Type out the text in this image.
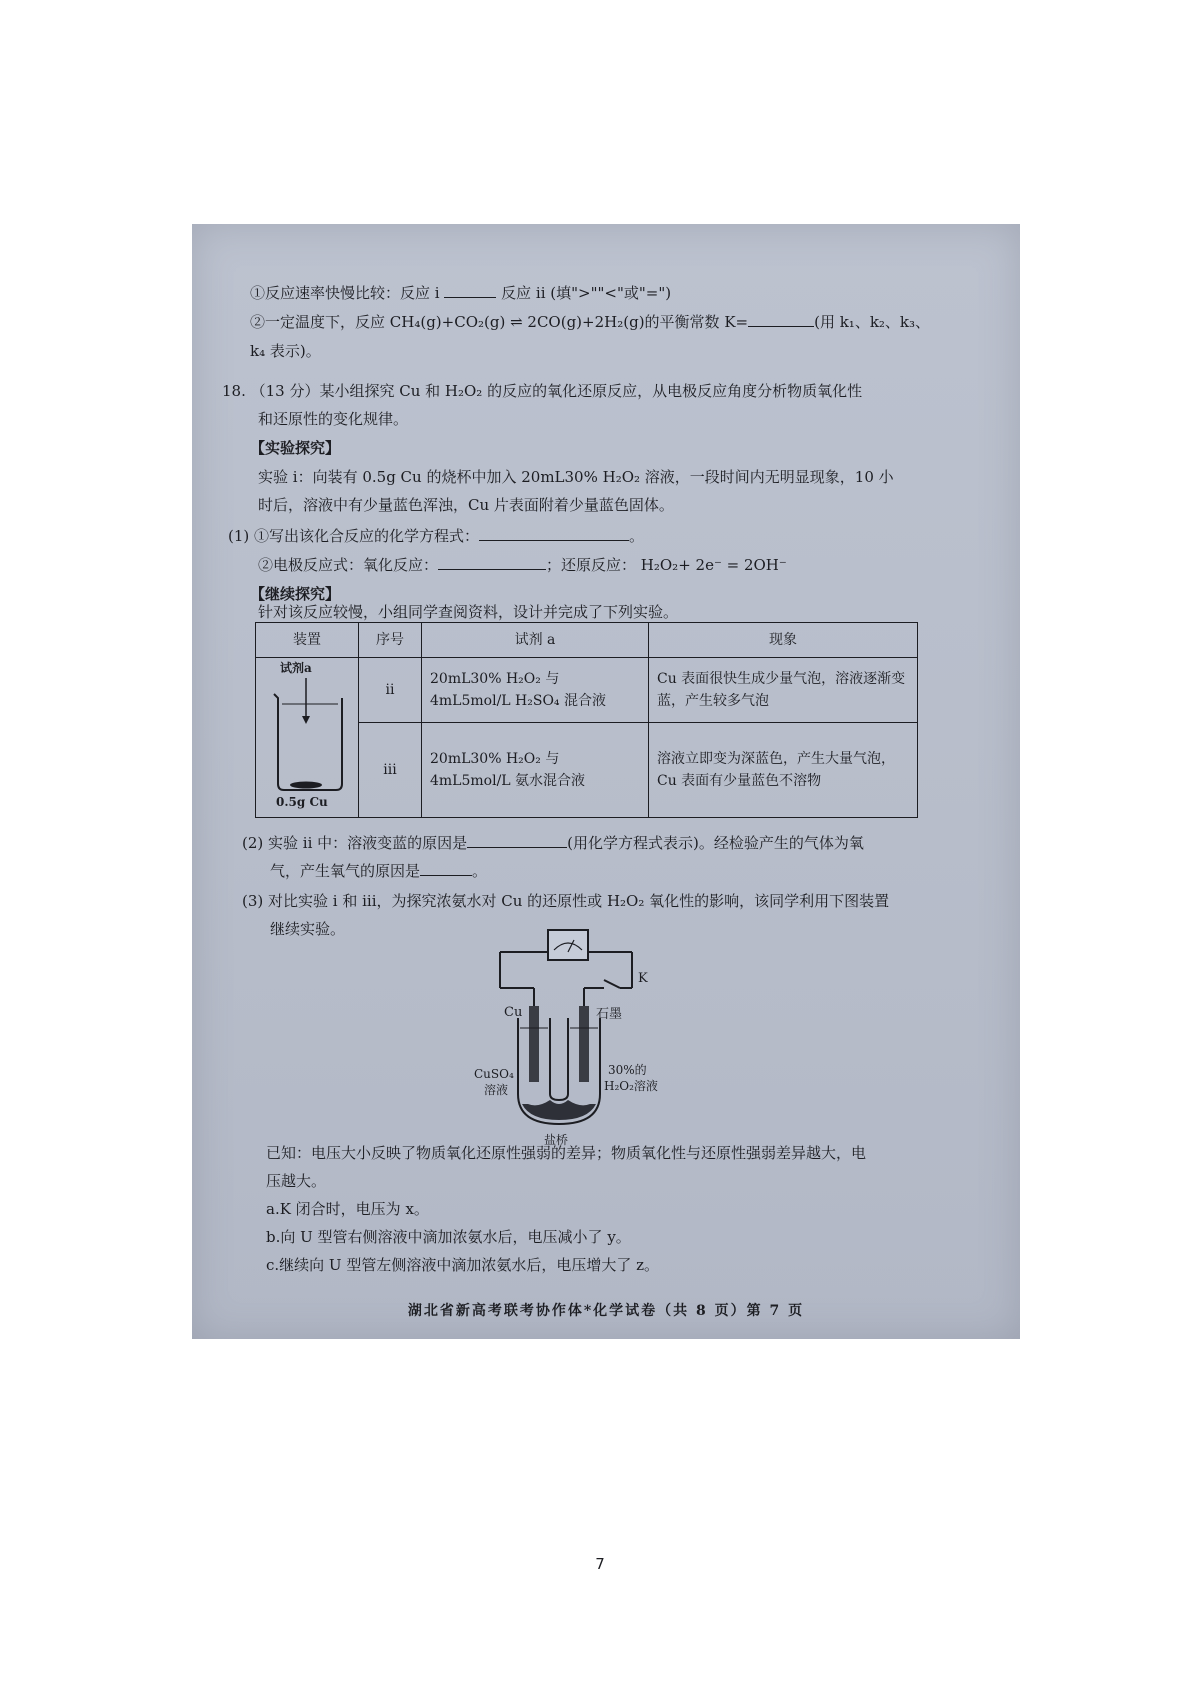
①反应速率快慢比较：反应 i	反应 ii (填">""<"或"=")
②一定温度下，反应 CH₄(g)+CO₂(g) ⇌ 2CO(g)+2H₂(g)的平衡常数 K=	(用 k₁、k₂、k₃、
k₄ 表示)。
18. （13 分）某小组探究 Cu 和 H₂O₂ 的反应的氧化还原反应，从电极反应角度分析物质氧化性
和还原性的变化规律。
【实验探究】
实验 i：向装有 0.5g Cu 的烧杯中加入 20mL30% H₂O₂ 溶液，一段时间内无明显现象，10 小
时后，溶液中有少量蓝色浑浊，Cu 片表面附着少量蓝色固体。
(1) ①写出该化合反应的化学方程式：	。
②电极反应式：氧化反应：	；还原反应： H₂O₂+ 2e⁻ = 2OH⁻
【继续探究】
针对该反应较慢，小组同学查阅资料，设计并完成了下列实验。
装置	序号	试剂 a	现象

试剂a
0.5g Cu	ii	20mL30% H₂O₂ 与 4mL5mol/L H₂SO₄ 混合液	Cu 表面很快生成少量气泡，溶液逐渐变蓝，产生较多气泡
	iii	20mL30% H₂O₂ 与 4mL5mol/L 氨水混合液	溶液立即变为深蓝色，产生大量气泡，Cu 表面有少量蓝色不溶物
(2) 实验 ii 中：溶液变蓝的原因是	(用化学方程式表示)。经检验产生的气体为氧
气，产生氧气的原因是	。
(3) 对比实验 i 和 iii，为探究浓氨水对 Cu 的还原性或 H₂O₂ 氧化性的影响，该同学利用下图装置
继续实验。
K
Cu	石墨
CuSO₄
溶液
30%的
H₂O₂溶液
盐桥
已知：电压大小反映了物质氧化还原性强弱的差异；物质氧化性与还原性强弱差异越大，电
压越大。
a.K 闭合时，电压为 x。
b.向 U 型管右侧溶液中滴加浓氨水后，电压减小了 y。
c.继续向 U 型管左侧溶液中滴加浓氨水后，电压增大了 z。
湖北省新高考联考协作体*化学试卷（共 8 页）第 7 页
7
